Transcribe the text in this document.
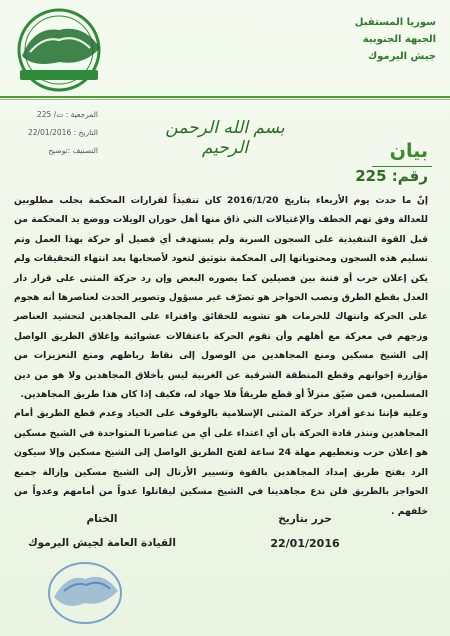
سوريا المستقبل
الجبهة الجنوبية
جيش اليرموك
المرجعية : ت/ 225
التاريخ : 22/01/2016
التصنيف :توضيح
بسم الله الرحمن الرحيم	بيان
رقم: 225

إنّ ما حدث يوم الأربعاء بتاريخ 2016/1/20 كان تنفيذاً لقرارات المحكمة بجلب مطلوبين للعدالة وفق تهم الخطف والإغتيالات التي ذاق منها أهل حوران الويلات ووضع يد المحكمة من قبل القوة التنفيذية على السجون السرية ولم يستهدف أي فصيل أو حركة بهذا العمل وتم تسليم هذه السجون ومحتوياتها إلى المحكمة بتوثيق لتعود لأصحابها بعد انتهاء التحقيقات ولم يكن إعلان حرب أو فتنة بين فصيلين كما يصوره البعض وإن رد حركة المثنى على قرار دار العدل بقطع الطرق ونصب الحواجز هو تصرّف غير مسؤول وتصوير الحدث لعناصرها أنه هجوم على الحركة وانتهاك للحرمات هو تشويه للحقائق وافتراء على المجاهدين لتحشيد العناصر وزجهم في معركة مع أهلهم وأن تقوم الحركة باعتقالات عشوائية وإغلاق الطريق الواصل إلى الشيخ مسكين ومنع المجاهدين من الوصول إلى نقاط رباطهم ومنع التعزيزات من مؤازرة إخوانهم وقطع المنطقة الشرقية عن الغربية ليس بأخلاق المجاهدين ولا هو من دين المسلمين، فمن ضيّق منزلاً أو قطع طريقاً فلا جهاد له، فكيف إذا كان هذا طريق المجاهدين.

وعليه فإننا ندعو أفراد حركة المثنى الإسلامية بالوقوف على الحياد وعدم قطع الطريق أمام المجاهدين وننذر قادة الحركة بأن أي اعتداء على أي من عناصرنا المتواجدة في الشيخ مسكين هو إعلان حرب ونعطيهم مهلة 24 ساعة لفتح الطريق الواصل إلى الشيخ مسكين وإلا سيكون الرد بفتح طريق إمداد المجاهدين بالقوة وتسيير الأرتال إلى الشيخ مسكين وإزالة جميع الحواجز بالطريق فلن ندع مجاهدينا في الشيخ مسكين ليقاتلوا عدواً من أمامهم وعدواً من خلفهم .

حرر بتاريخ
22/01/2016
الختام
القيادة العامة لجيش اليرموك
